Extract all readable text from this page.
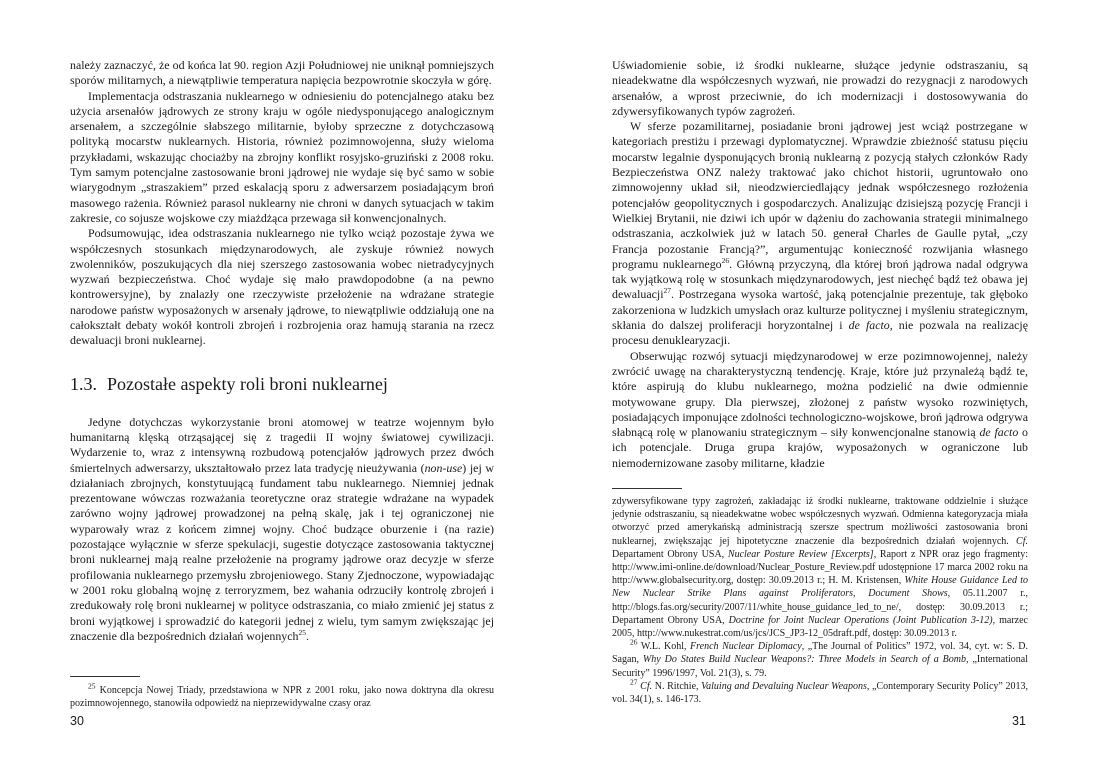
należy zaznaczyć, że od końca lat 90. region Azji Południowej nie uniknął pomniejszych sporów militarnych, a niewątpliwie temperatura napięcia bezpowrotnie skoczyła w górę.

Implementacja odstraszania nuklearnego w odniesieniu do potencjalnego ataku bez użycia arsenałów jądrowych ze strony kraju w ogóle niedysponującego analogicznym arsenałem, a szczególnie słabszego militarnie, byłoby sprzeczne z dotychczasową polityką mocarstw nuklearnych. Historia, również pozimnowojenna, służy wieloma przykładami, wskazując chociażby na zbrojny konflikt rosyjsko-gruziński z 2008 roku. Tym samym potencjalne zastosowanie broni jądrowej nie wydaje się być samo w sobie wiarygodnym „straszakiem” przed eskalacją sporu z adwersarzem posiadającym broń masowego rażenia. Również parasol nuklearny nie chroni w danych sytuacjach w takim zakresie, co sojusze wojskowe czy miażdżąca przewaga sił konwencjonalnych.

Podsumowując, idea odstraszania nuklearnego nie tylko wciąż pozostaje żywa we współczesnych stosunkach międzynarodowych, ale zyskuje również nowych zwolenników, poszukujących dla niej szerszego zastosowania wobec nietradycyjnych wyzwań bezpieczeństwa. Choć wydaje się mało prawdopodobne (a na pewno kontrowersyjne), by znalazły one rzeczywiste przełożenie na wdrażane strategie narodowe państw wyposażonych w arsenały jądrowe, to niewątpliwie oddziałują one na całokształt debaty wokół kontroli zbrojeń i rozbrojenia oraz hamują starania na rzecz dewaluacji broni nuklearnej.

1.3. Pozostałe aspekty roli broni nuklearnej

Jedyne dotychczas wykorzystanie broni atomowej w teatrze wojennym było humanitarną klęską otrząsającej się z tragedii II wojny światowej cywilizacji. Wydarzenie to, wraz z intensywną rozbudową potencjałów jądrowych przez dwóch śmiertelnych adwersarzy, ukształtowało przez lata tradycję nieużywania (non-use) jej w działaniach zbrojnych, konstytuującą fundament tabu nuklearnego. Niemniej jednak prezentowane wówczas rozważania teoretyczne oraz strategie wdrażane na wypadek zarówno wojny jądrowej prowadzonej na pełną skalę, jak i tej ograniczonej nie wyparowały wraz z końcem zimnej wojny. Choć budzące oburzenie i (na razie) pozostające wyłącznie w sferze spekulacji, sugestie dotyczące zastosowania taktycznej broni nuklearnej mają realne przełożenie na programy jądrowe oraz decyzje w sferze profilowania nuklearnego przemysłu zbrojeniowego. Stany Zjednoczone, wypowiadając w 2001 roku globalną wojnę z terroryzmem, bez wahania odrzuciły kontrolę zbrojeń i zredukowały rolę broni nuklearnej w polityce odstraszania, co miało zmienić jej status z broni wyjątkowej i sprowadzić do kategorii jednej z wielu, tym samym zwiększając jej znaczenie dla bezpośrednich działań wojennych$^{25}$.

$^{25}$ Koncepcja Nowej Triady, przedstawiona w NPR z 2001 roku, jako nowa doktryna dla okresu pozimnowojennego, stanowiła odpowiedź na nieprzewidywalne czasy oraz

30

Uświadomienie sobie, iż środki nuklearne, służące jedynie odstraszaniu, są nieadekwatne dla współczesnych wyzwań, nie prowadzi do rezygnacji z narodowych arsenałów, a wprost przeciwnie, do ich modernizacji i dostosowywania do zdywersyfikowanych typów zagrożeń.

W sferze pozamilitarnej, posiadanie broni jądrowej jest wciąż postrzegane w kategoriach prestiżu i przewagi dyplomatycznej. Wprawdzie zbieżność statusu pięciu mocarstw legalnie dysponujących bronią nuklearną z pozycją stałych członków Rady Bezpieczeństwa ONZ należy traktować jako chichot historii, ugruntowało ono zimnowojenny układ sił, nieodzwierciedlający jednak współczesnego rozłożenia potencjałów geopolitycznych i gospodarczych. Analizując dzisiejszą pozycję Francji i Wielkiej Brytanii, nie dziwi ich upór w dążeniu do zachowania strategii minimalnego odstraszania, aczkolwiek już w latach 50. generał Charles de Gaulle pytał, „czy Francja pozostanie Francją?”, argumentując konieczność rozwijania własnego programu nuklearnego$^{26}$. Główną przyczyną, dla której broń jądrowa nadal odgrywa tak wyjątkową rolę w stosunkach międzynarodowych, jest niechęć bądź też obawa jej dewaluacji$^{27}$. Postrzegana wysoka wartość, jaką potencjalnie prezentuje, tak głęboko zakorzeniona w ludzkich umysłach oraz kulturze politycznej i myśleniu strategicznym, skłania do dalszej proliferacji horyzontalnej i de facto, nie pozwala na realizację procesu denuklearyzacji.

Obserwując rozwój sytuacji międzynarodowej w erze pozimnowojennej, należy zwrócić uwagę na charakterystyczną tendencję. Kraje, które już przynależą bądź te, które aspirują do klubu nuklearnego, można podzielić na dwie odmiennie motywowane grupy. Dla pierwszej, złożonej z państw wysoko rozwiniętych, posiadających imponujące zdolności technologiczno-wojskowe, broń jądrowa odgrywa słabnącą rolę w planowaniu strategicznym – siły konwencjonalne stanowią de facto o ich potencjale. Druga grupa krajów, wyposażonych w ograniczone lub niemodernizowane zasoby militarne, kładzie

zdywersyfikowane typy zagrożeń, zakładając iż środki nuklearne, traktowane oddzielnie i służące jedynie odstraszaniu, są nieadekwatne wobec współczesnych wyzwań. Odmienna kategoryzacja miała otworzyć przed amerykańską administracją szersze spectrum możliwości zastosowania broni nuklearnej, zwiększając jej hipotetyczne znaczenie dla bezpośrednich działań wojennych. Cf. Departament Obrony USA, Nuclear Posture Review [Excerpts], Raport z NPR oraz jego fragmenty: http://www.imi-online.de/download/Nuclear_Posture_Review.pdf udostępnione 17 marca 2002 roku na http://www.globalsecurity.org, dostęp: 30.09.2013 r.; H. M. Kristensen, White House Guidance Led to New Nuclear Strike Plans against Proliferators, Document Shows, 05.11.2007 r., http://blogs.fas.org/security/2007/11/white_house_guidance_led_to_ne/, dostęp: 30.09.2013 r.; Departament Obrony USA, Doctrine for Joint Nuclear Operations (Joint Publication 3-12), marzec 2005, http://www.nukestrat.com/us/jcs/JCS_JP3-12_05draft.pdf, dostęp: 30.09.2013 r.

$^{26}$ W.L. Kohl, French Nuclear Diplomacy, „The Journal of Politics” 1972, vol. 34, cyt. w: S. D. Sagan, Why Do States Build Nuclear Weapons?: Three Models in Search of a Bomb, „International Security” 1996/1997, Vol. 21(3), s. 79.

$^{27}$ Cf. N. Ritchie, Valuing and Devaluing Nuclear Weapons, „Contemporary Security Policy” 2013, vol. 34(1), s. 146-173.

31
